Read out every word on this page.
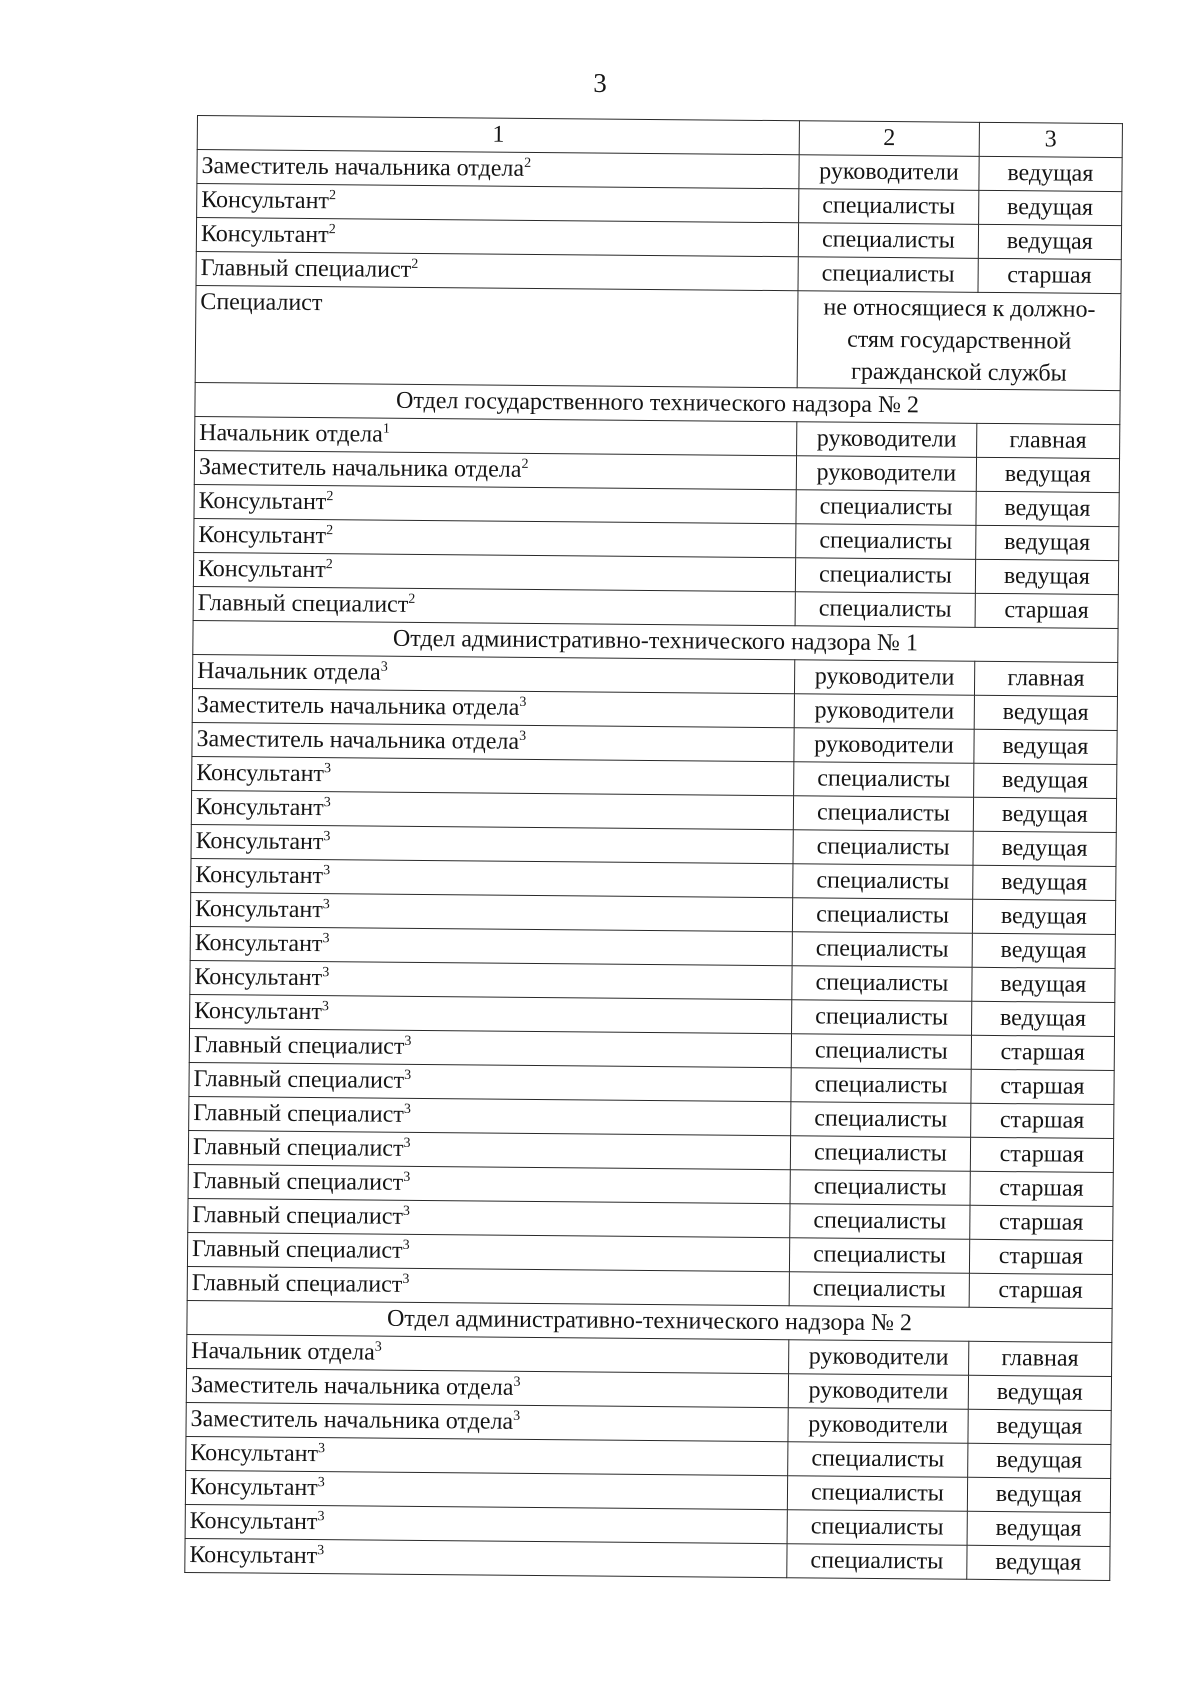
3
1	2	3
Заместитель начальника отдела$^2$	руководители	ведущая
Консультант$^2$	специалисты	ведущая
Консультант$^2$	специалисты	ведущая
Главный специалист$^2$	специалисты	старшая
Специалист	не относящиеся к должно-стям государственной гражданской службы	
Отдел государственного технического надзора № 2		
Начальник отдела$^1$	руководители	главная
Заместитель начальника отдела$^2$	руководители	ведущая
Консультант$^2$	специалисты	ведущая
Консультант$^2$	специалисты	ведущая
Консультант$^2$	специалисты	ведущая
Главный специалист$^2$	специалисты	старшая
Отдел административно-технического надзора № 1		
Начальник отдела$^3$	руководители	главная
Заместитель начальника отдела$^3$	руководители	ведущая
Заместитель начальника отдела$^3$	руководители	ведущая
Консультант$^3$	специалисты	ведущая
Консультант$^3$	специалисты	ведущая
Консультант$^3$	специалисты	ведущая
Консультант$^3$	специалисты	ведущая
Консультант$^3$	специалисты	ведущая
Консультант$^3$	специалисты	ведущая
Консультант$^3$	специалисты	ведущая
Консультант$^3$	специалисты	ведущая
Главный специалист$^3$	специалисты	старшая
Главный специалист$^3$	специалисты	старшая
Главный специалист$^3$	специалисты	старшая
Главный специалист$^3$	специалисты	старшая
Главный специалист$^3$	специалисты	старшая
Главный специалист$^3$	специалисты	старшая
Главный специалист$^3$	специалисты	старшая
Главный специалист$^3$	специалисты	старшая
Отдел административно-технического надзора № 2		
Начальник отдела$^3$	руководители	главная
Заместитель начальника отдела$^3$	руководители	ведущая
Заместитель начальника отдела$^3$	руководители	ведущая
Консультант$^3$	специалисты	ведущая
Консультант$^3$	специалисты	ведущая
Консультант$^3$	специалисты	ведущая
Консультант$^3$	специалисты	ведущая
